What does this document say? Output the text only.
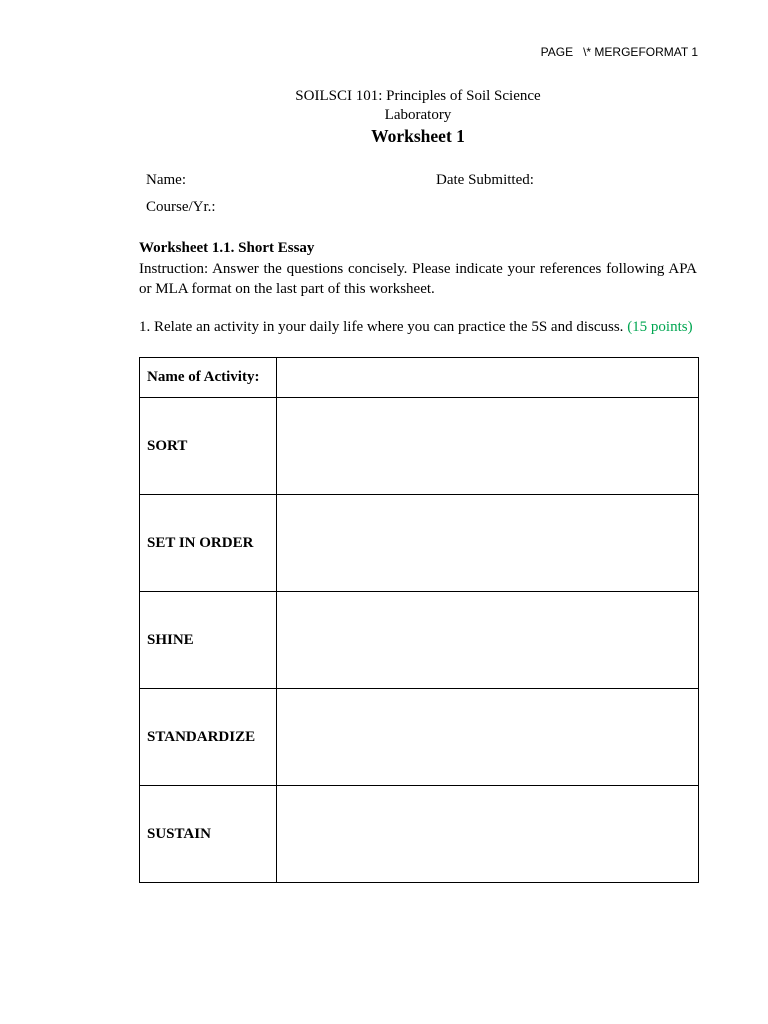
PAGE   \* MERGEFORMAT 1
SOILSCI 101: Principles of Soil Science
Laboratory
Worksheet 1
Name:	Date Submitted:
Course/Yr.:
Worksheet 1.1. Short Essay
Instruction: Answer the questions concisely. Please indicate your references following APA or MLA format on the last part of this worksheet.
1. Relate an activity in your daily life where you can practice the 5S and discuss. (15 points)
Name of Activity:	
SORT	
SET IN ORDER	
SHINE	
STANDARDIZE	
SUSTAIN	
